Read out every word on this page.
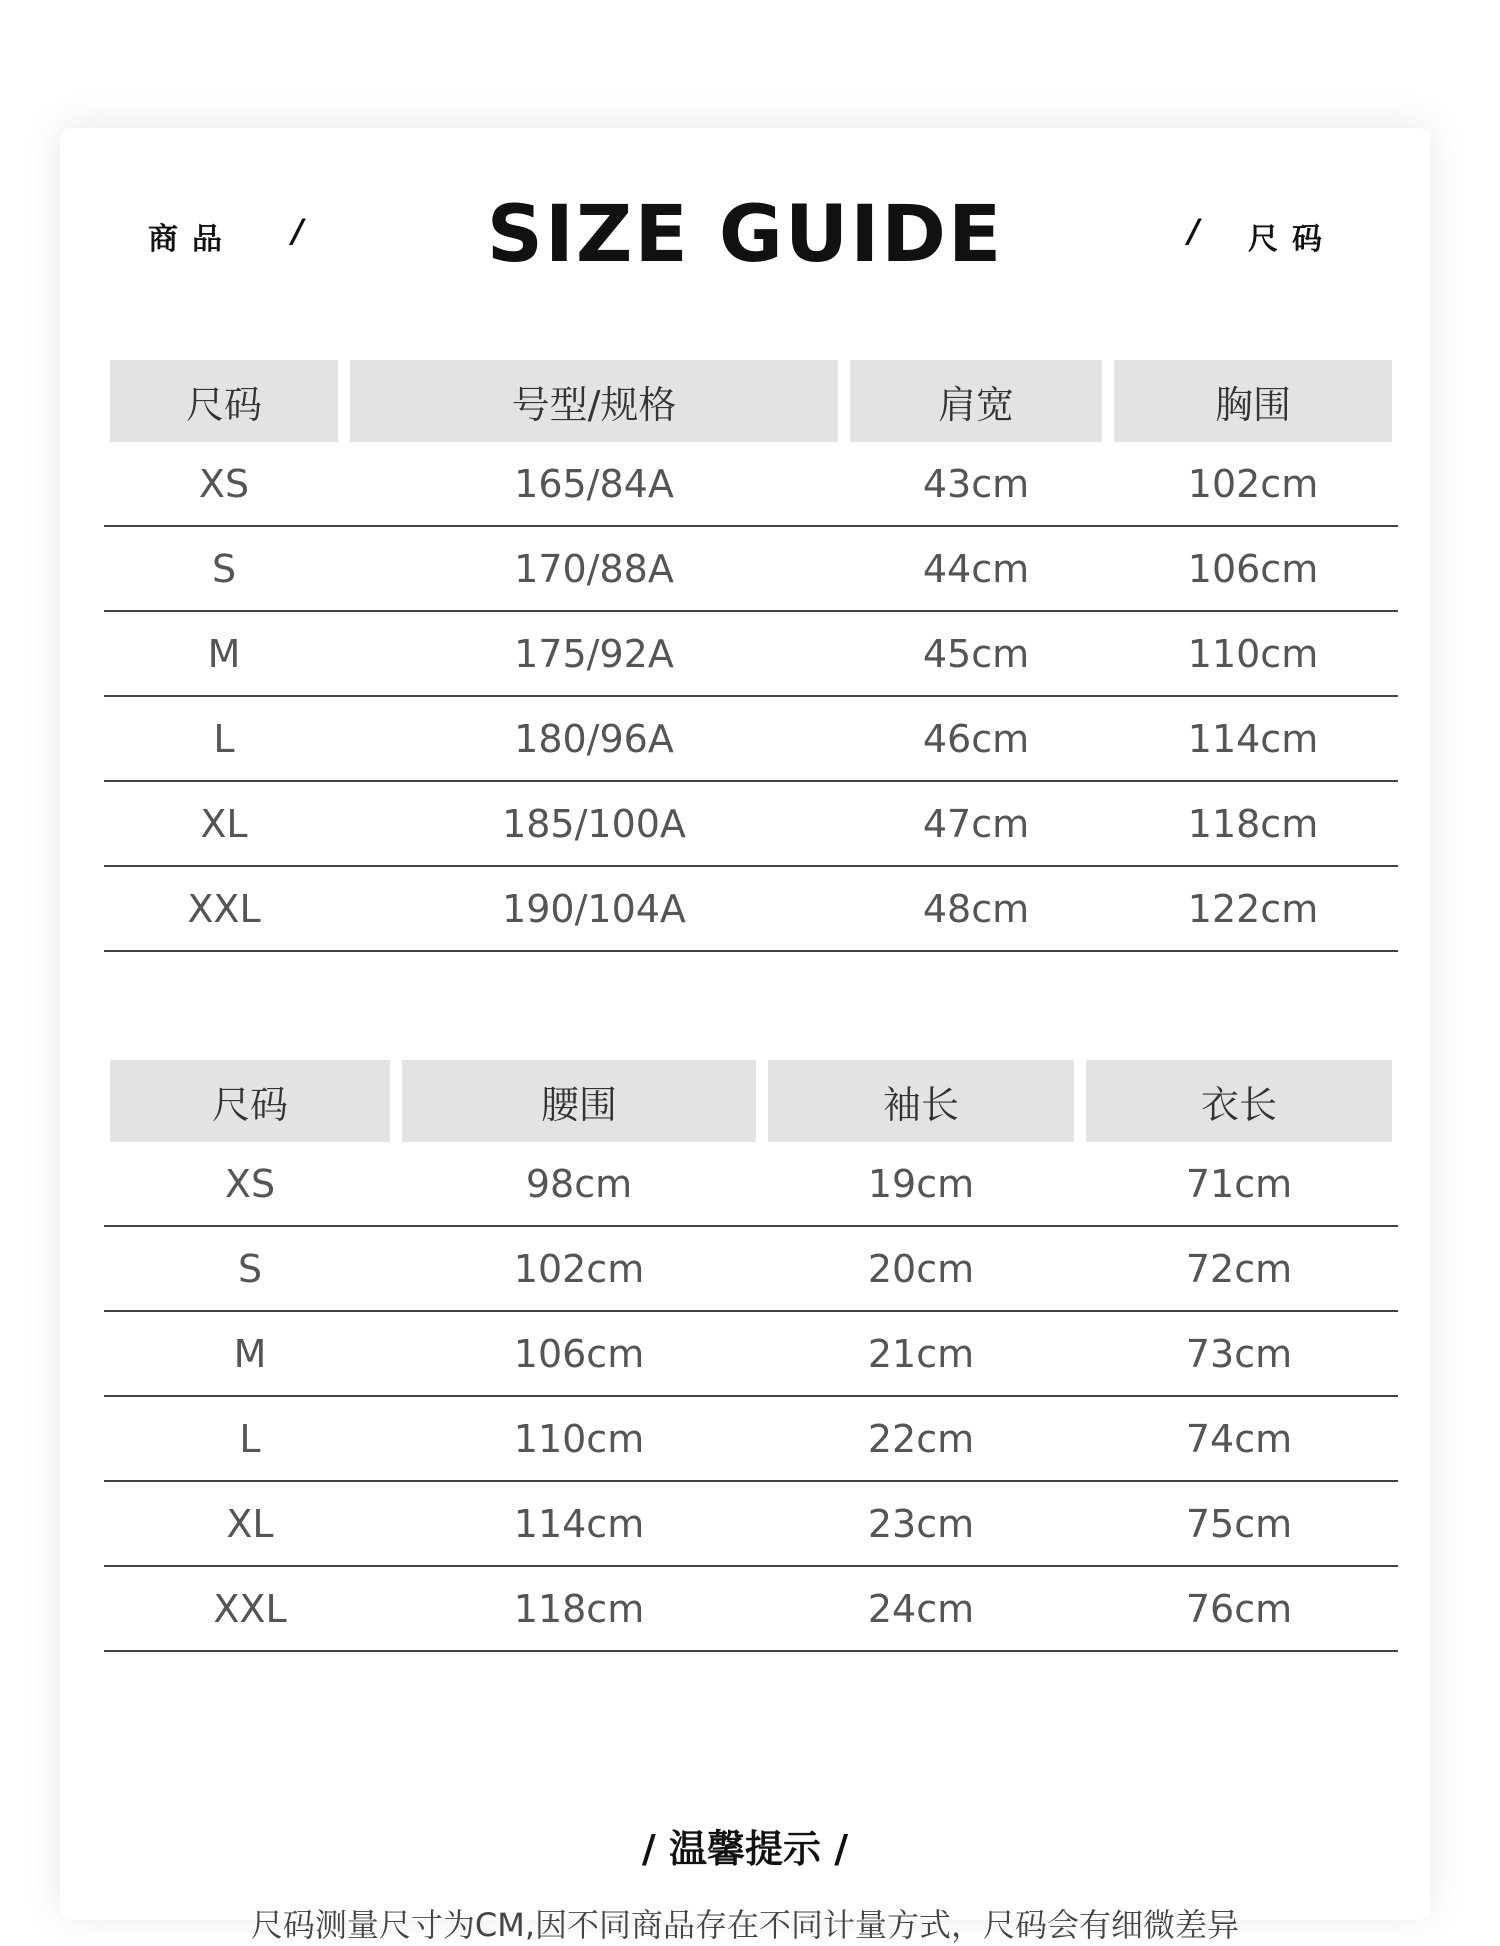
商品 /	SIZE GUIDE	/ 尺码
尺码	号型/规格	肩宽	胸围
XS	165/84A	43cm	102cm
S	170/88A	44cm	106cm
M	175/92A	45cm	110cm
L	180/96A	46cm	114cm
XL	185/100A	47cm	118cm
XXL	190/104A	48cm	122cm
尺码	腰围	袖长	衣长
XS	98cm	19cm	71cm
S	102cm	20cm	72cm
M	106cm	21cm	73cm
L	110cm	22cm	74cm
XL	114cm	23cm	75cm
XXL	118cm	24cm	76cm
/ 温馨提示 /
尺码测量尺寸为CM,因不同商品存在不同计量方式，尺码会有细微差异
